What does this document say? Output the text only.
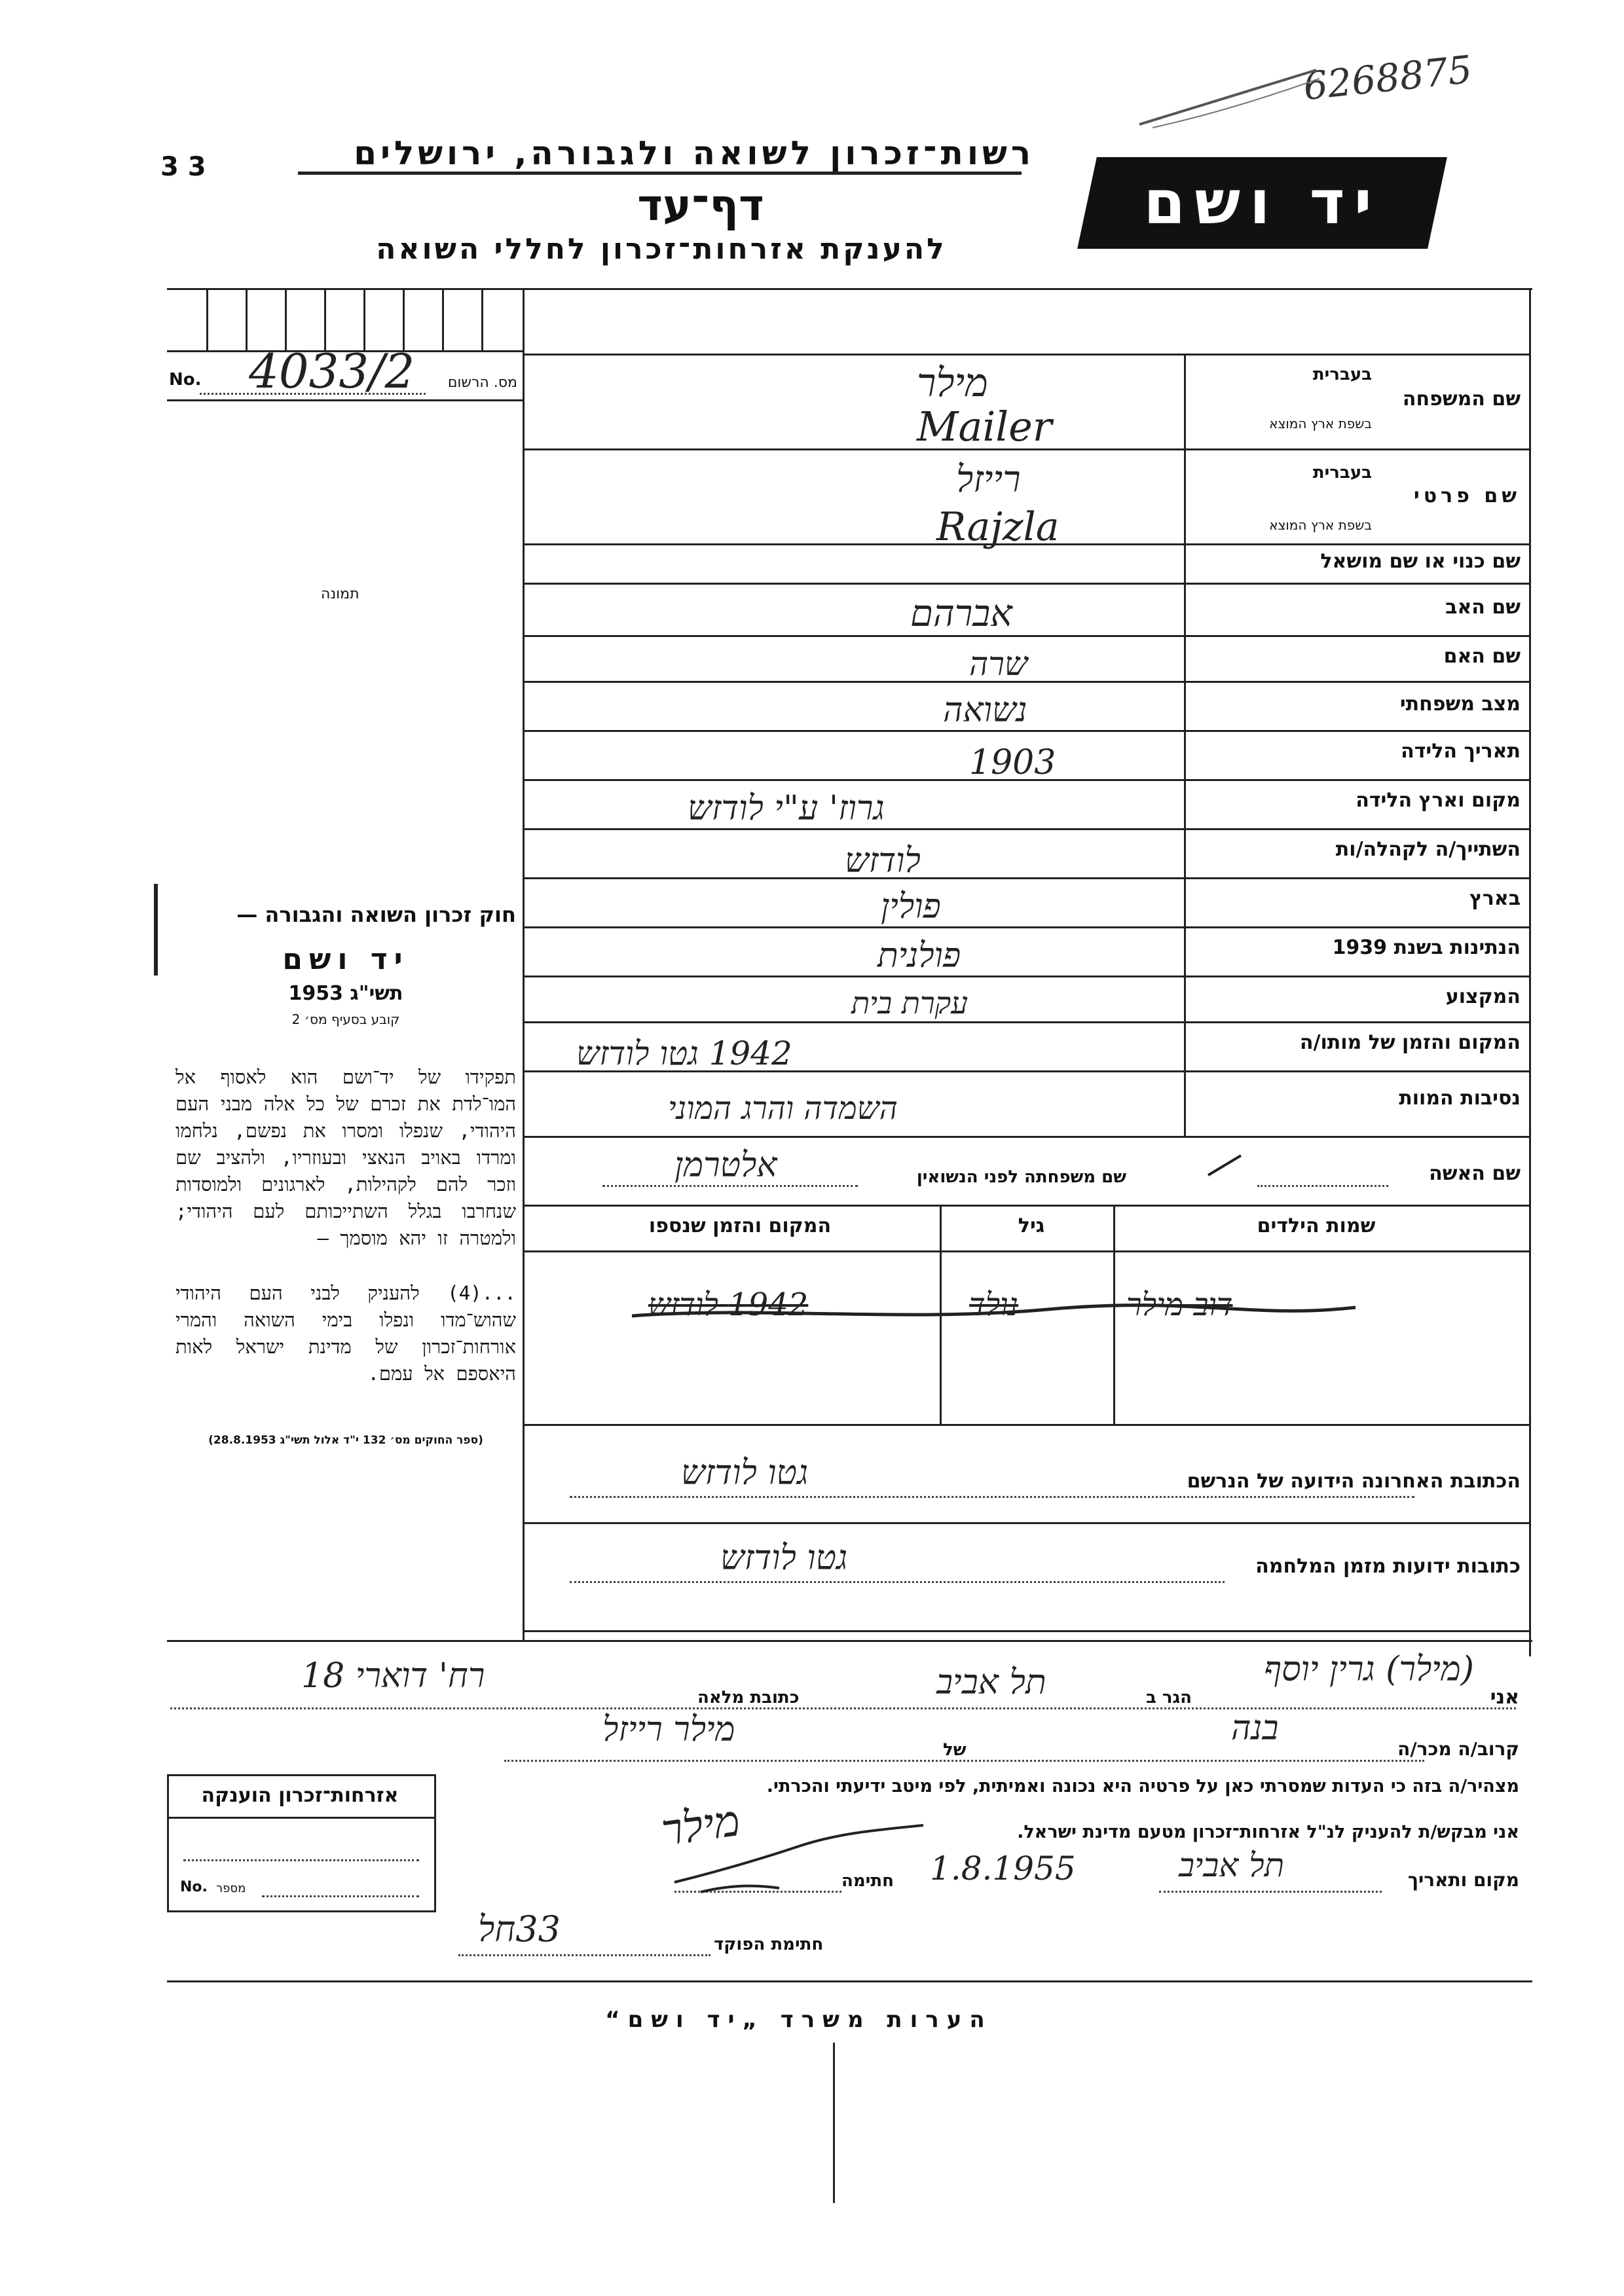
6268875
3 3	רשות־זכרון לשואה ולגבורה, ירושלים
דף־עד
להענקת אזרחות־זכרון לחללי השואה
יד ושם
No. 4033/2	מס. הרשום
תמונה
שם המשפחה
בעברית
בשפת ארץ המוצא
מילר
Mailer
שם פרטי
בעברית
בשפת ארץ המוצא
רייזל
Rajzla
שם כנוי או שם מושאל
שם האב
אברהם
שם האם
שרה
מצב משפחתי
נשואה
תאריך הלידה
1903
מקום וארץ הלידה
גרוז' ע"י לודזש
השתייך/ה לקהלה/ות
לודזש
בארץ
פולין
הנתינות בשנת 1939
פולנית
המקצוע
עקרת בית
המקום והזמן של מותו/ה
1942 גטו לודזש
נסיבות המוות
השמדה והרג המוני
שם האשה
שם משפחתה לפני הנשואין
אלטרמן
שמות הילדים
גיל
המקום והזמן שנספו
דוב מילר
נולד
1942 לודזש
הכתובת האחרונה הידועה של הנרשם
גטו לודזש
כתובות ידועות מזמן המלחמה
גטו לודזש
חוק זכרון השואה והגבורה —
יד ושם
תשי"ג 1953
קובע בסעיף מס׳ 2
תפקידו של יד־ושם הוא לאסוף אל המו־לדת את זכרם של כל אלה מבני העם היהודי, שנפלו ומסרו את נפשם, נלחמו ומרדו באויב הנאצי ובעוזריו, ולהציב שם וזכר להם לקהילות, לארגונים ולמוסדות שנחרבו בגלל השתייכותם לעם היהודי; ולמטרה זו יהא מוסמך —
...(4) להעניק לבני העם היהודי שהוש־מדו ונפלו בימי השואה והמרי אורחות־זכרון של מדינת ישראל לאות היאספם אל עמם.
(ספר החוקים מס׳ 132 י"ד אלול תשי"ג 28.8.1953)
אני
(מילר) גרין יוסף
הגר ב
תל אביב
כתובת מלאה
רח' דוארי 18
קרוב/ה מכר/ה
בנה
של
מילר רייזל
מצהיר/ה בזה כי העדות שמסרתי כאן על פרטיה היא נכונה ואמיתית, לפי מיטב ידיעתי והכרתי.
אני מבקש/ת להעניק לנ"ל אזרחות־זכרון מטעם מדינת ישראל.
מקום ותאריך
תל אביב
1.8.1955
חתימה
מילר
אזרחות־זכרון הוענקה
No. מספר
חתימת הפוקד
33חל
הערות משרד „יד ושם“
